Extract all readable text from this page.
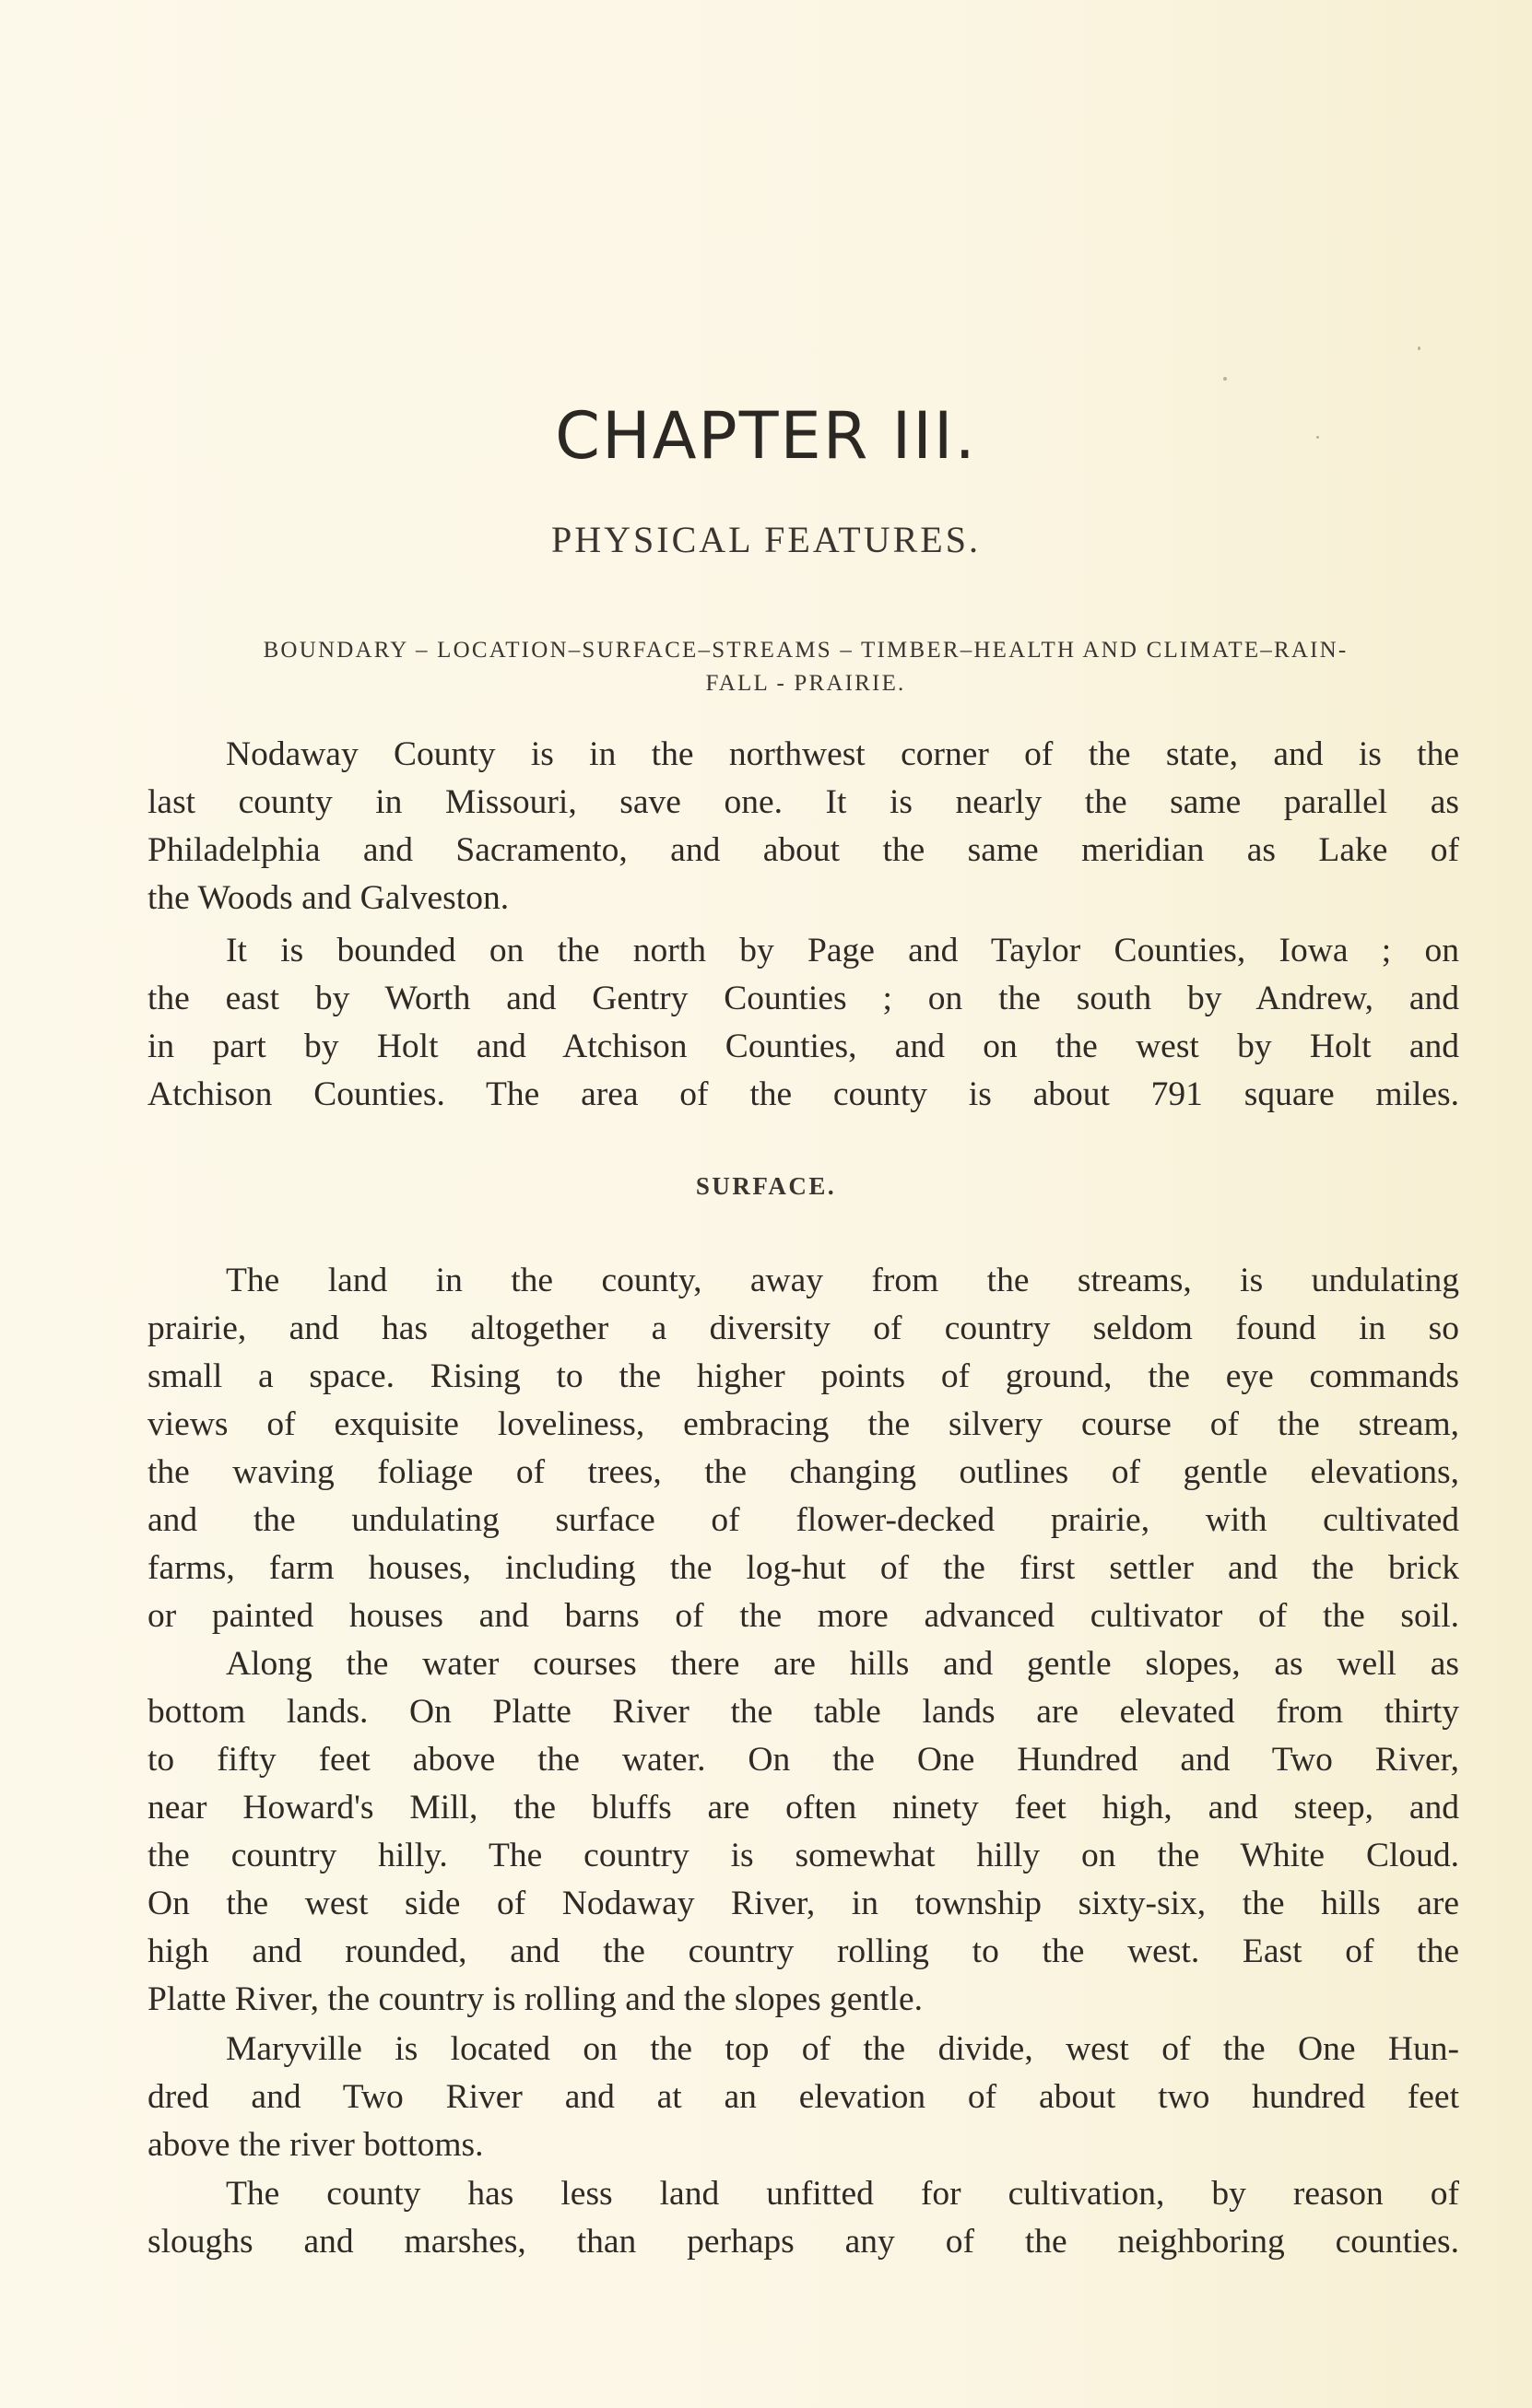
CHAPTER III.
PHYSICAL FEATURES.
BOUNDARY – LOCATION–SURFACE–STREAMS – TIMBER–HEALTH AND CLIMATE–RAIN-
FALL - PRAIRIE.
Nodaway County is in the northwest corner of the state, and is the
last county in Missouri, save one. It is nearly the same parallel as
Philadelphia and Sacramento, and about the same meridian as Lake of
the Woods and Galveston.
It is bounded on the north by Page and Taylor Counties, Iowa ; on
the east by Worth and Gentry Counties ; on the south by Andrew, and
in part by Holt and Atchison Counties, and on the west by Holt and
Atchison Counties. The area of the county is about 791 square miles.
SURFACE.
The land in the county, away from the streams, is undulating
prairie, and has altogether a diversity of country seldom found in so
small a space. Rising to the higher points of ground, the eye commands
views of exquisite loveliness, embracing the silvery course of the stream,
the waving foliage of trees, the changing outlines of gentle elevations,
and the undulating surface of flower-decked prairie, with cultivated
farms, farm houses, including the log-hut of the first settler and the brick
or painted houses and barns of the more advanced cultivator of the soil.
Along the water courses there are hills and gentle slopes, as well as
bottom lands. On Platte River the table lands are elevated from thirty
to fifty feet above the water. On the One Hundred and Two River,
near Howard's Mill, the bluffs are often ninety feet high, and steep, and
the country hilly. The country is somewhat hilly on the White Cloud.
On the west side of Nodaway River, in township sixty-six, the hills are
high and rounded, and the country rolling to the west. East of the
Platte River, the country is rolling and the slopes gentle.
Maryville is located on the top of the divide, west of the One Hun-
dred and Two River and at an elevation of about two hundred feet
above the river bottoms.
The county has less land unfitted for cultivation, by reason of
sloughs and marshes, than perhaps any of the neighboring counties.
